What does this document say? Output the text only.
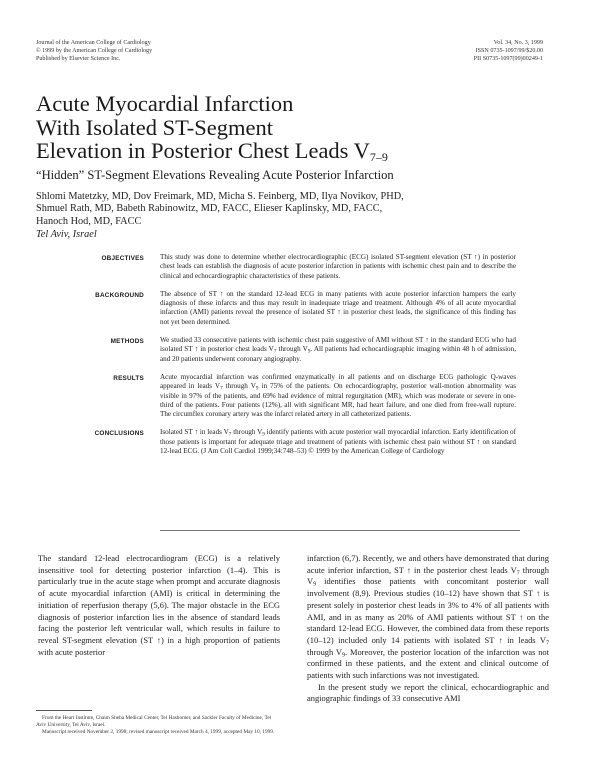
Journal of the American College of Cardiology
© 1999 by the American College of Cardiology
Published by Elsevier Science Inc.
Vol. 34, No. 3, 1999
ISSN 0735-1097/99/$20.00
PII S0735-1097(99)00249-1
Acute Myocardial Infarction
With Isolated ST-Segment
Elevation in Posterior Chest Leads $V_{7-9}$
“Hidden” ST-Segment Elevations Revealing Acute Posterior Infarction
Shlomi Matetzky, MD, Dov Freimark, MD, Micha S. Feinberg, MD, Ilya Novikov, PHD,
Shmuel Rath, MD, Babeth Rabinowitz, MD, FACC, Elieser Kaplinsky, MD, FACC,
Hanoch Hod, MD, FACC
Tel Aviv, Israel
OBJECTIVES	This study was done to determine whether electrocardiographic (ECG) isolated ST-segment elevation (ST ↑) in posterior chest leads can establish the diagnosis of acute posterior infarction in patients with ischemic chest pain and to describe the clinical and echocardiographic characteristics of these patients.
BACKGROUND	The absence of ST ↑ on the standard 12-lead ECG in many patients with acute posterior infarction hampers the early diagnosis of these infarcts and thus may result in inadequate triage and treatment. Although 4% of all acute myocardial infarction (AMI) patients reveal the presence of isolated ST ↑ in posterior chest leads, the significance of this finding has not yet been determined.
METHODS	We studied 33 consecutive patients with ischemic chest pain suggestive of AMI without ST ↑ in the standard ECG who had isolated ST ↑ in posterior chest leads $V_7$ through $V_9$. All patients had echocardiographic imaging within 48 h of admission, and 20 patients underwent coronary angiography.
RESULTS	Acute myocardial infarction was confirmed enzymatically in all patients and on discharge ECG pathologic Q-waves appeared in leads $V_7$ through $V_9$ in 75% of the patients. On echocardiography, posterior wall-motion abnormality was visible in 97% of the patients, and 69% had evidence of mitral regurgitation (MR), which was moderate or severe in one-third of the patients. Four patients (12%), all with significant MR, had heart failure, and one died from free-wall rupture. The circumflex coronary artery was the infarct related artery in all catheterized patients.
CONCLUSIONS	Isolated ST ↑ in leads $V_7$ through $V_9$ identify patients with acute posterior wall myocardial infarction. Early identification of those patients is important for adequate triage and treatment of patients with ischemic chest pain without ST ↑ on standard 12-lead ECG. (J Am Coll Cardiol 1999;34:748–53) © 1999 by the American College of Cardiology
The standard 12-lead electrocardiogram (ECG) is a relatively insensitive tool for detecting posterior infarction (1–4). This is particularly true in the acute stage when prompt and accurate diagnosis of acute myocardial infarction (AMI) is critical in determining the initiation of reperfusion therapy (5,6). The major obstacle in the ECG diagnosis of posterior infarction lies in the absence of standard leads facing the posterior left ventricular wall, which results in failure to reveal ST-segment elevation (ST ↑) in a high proportion of patients with acute posterior
infarction (6,7). Recently, we and others have demonstrated that during acute inferior infarction, ST ↑ in the posterior chest leads $V_7$ through $V_9$ identifies those patients with concomitant posterior wall involvement (8,9). Previous studies (10–12) have shown that ST ↑ is present solely in posterior chest leads in 3% to 4% of all patients with AMI, and in as many as 20% of AMI patients without ST ↑ on the standard 12-lead ECG. However, the combined data from these reports (10–12) included only 14 patients with isolated ST ↑ in leads $V_7$ through $V_9$. Moreover, the posterior location of the infarction was not confirmed in these patients, and the extent and clinical outcome of patients with such infarctions was not investigated.
In the present study we report the clinical, echocardiographic and angiographic findings of 33 consecutive AMI
From the Heart Institute, Chaim Sheba Medical Center, Tel Hashomer, and Sackler Faculty of Medicine, Tel Aviv University, Tel Aviv, Israel.
Manuscript received November 2, 1998; revised manuscript received March 4, 1999, accepted May 10, 1999.
